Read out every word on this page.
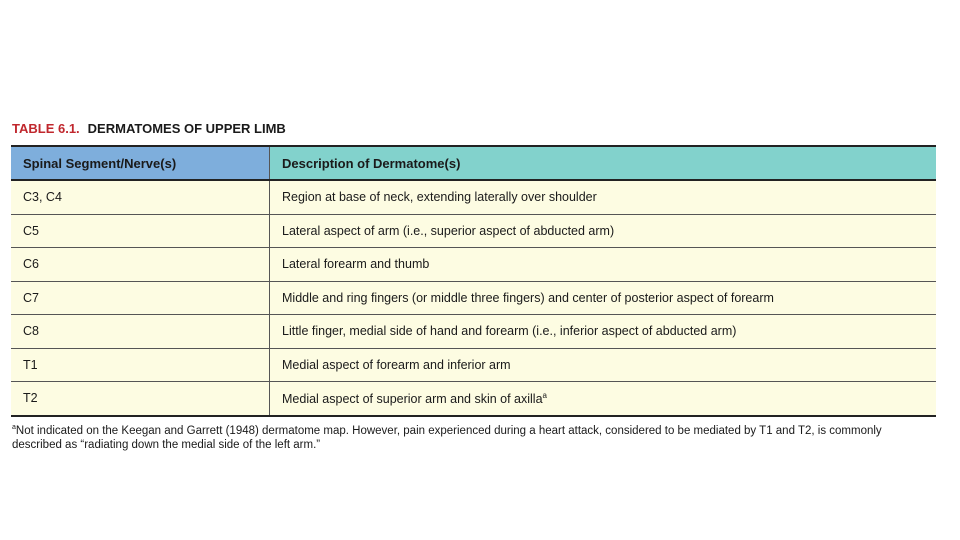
TABLE 6.1. DERMATOMES OF UPPER LIMB
Spinal Segment/Nerve(s)	Description of Dermatome(s)
C3, C4	Region at base of neck, extending laterally over shoulder
C5	Lateral aspect of arm (i.e., superior aspect of abducted arm)
C6	Lateral forearm and thumb
C7	Middle and ring fingers (or middle three fingers) and center of posterior aspect of forearm
C8	Little finger, medial side of hand and forearm (i.e., inferior aspect of abducted arm)
T1	Medial aspect of forearm and inferior arm
T2	Medial aspect of superior arm and skin of axilla$^a$
$^a$Not indicated on the Keegan and Garrett (1948) dermatome map. However, pain experienced during a heart attack, considered to be mediated by T1 and T2, is commonly described as “radiating down the medial side of the left arm.”
